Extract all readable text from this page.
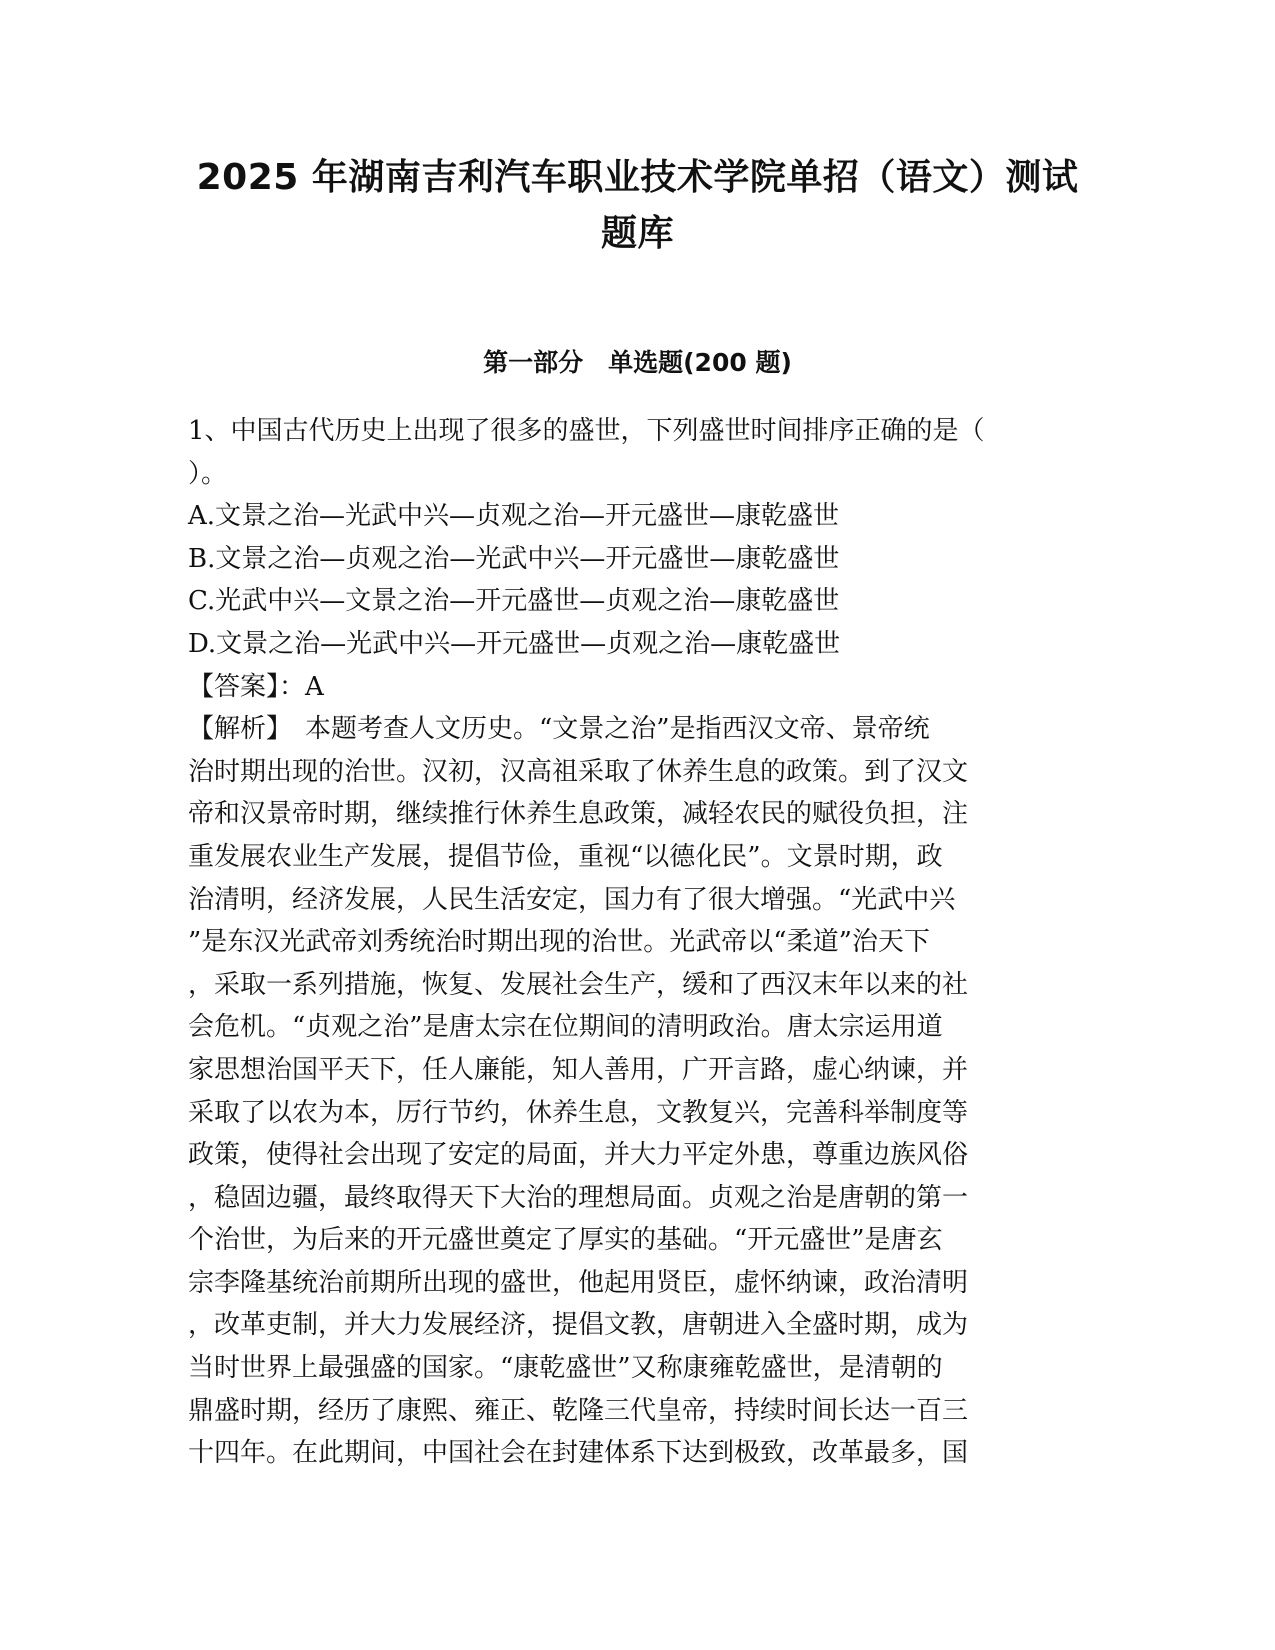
2025 年湖南吉利汽车职业技术学院单招（语文）测试
题库
第一部分　单选题(200 题)
1、中国古代历史上出现了很多的盛世，下列盛世时间排序正确的是（
）。
A.文景之治—光武中兴—贞观之治—开元盛世—康乾盛世
B.文景之治—贞观之治—光武中兴—开元盛世—康乾盛世
C.光武中兴—文景之治—开元盛世—贞观之治—康乾盛世
D.文景之治—光武中兴—开元盛世—贞观之治—康乾盛世
【答案】：A
【解析】　本题考查人文历史。“文景之治”是指西汉文帝、景帝统
治时期出现的治世。汉初，汉高祖采取了休养生息的政策。到了汉文
帝和汉景帝时期，继续推行休养生息政策，减轻农民的赋役负担，注
重发展农业生产发展，提倡节俭，重视“以德化民”。文景时期，政
治清明，经济发展，人民生活安定，国力有了很大增强。“光武中兴
”是东汉光武帝刘秀统治时期出现的治世。光武帝以“柔道”治天下
，采取一系列措施，恢复、发展社会生产，缓和了西汉末年以来的社
会危机。“贞观之治”是唐太宗在位期间的清明政治。唐太宗运用道
家思想治国平天下，任人廉能，知人善用，广开言路，虚心纳谏，并
采取了以农为本，厉行节约，休养生息，文教复兴，完善科举制度等
政策，使得社会出现了安定的局面，并大力平定外患，尊重边族风俗
，稳固边疆，最终取得天下大治的理想局面。贞观之治是唐朝的第一
个治世，为后来的开元盛世奠定了厚实的基础。“开元盛世”是唐玄
宗李隆基统治前期所出现的盛世，他起用贤臣，虚怀纳谏，政治清明
，改革吏制，并大力发展经济，提倡文教，唐朝进入全盛时期，成为
当时世界上最强盛的国家。“康乾盛世”又称康雍乾盛世，是清朝的
鼎盛时期，经历了康熙、雍正、乾隆三代皇帝，持续时间长达一百三
十四年。在此期间，中国社会在封建体系下达到极致，改革最多，国
